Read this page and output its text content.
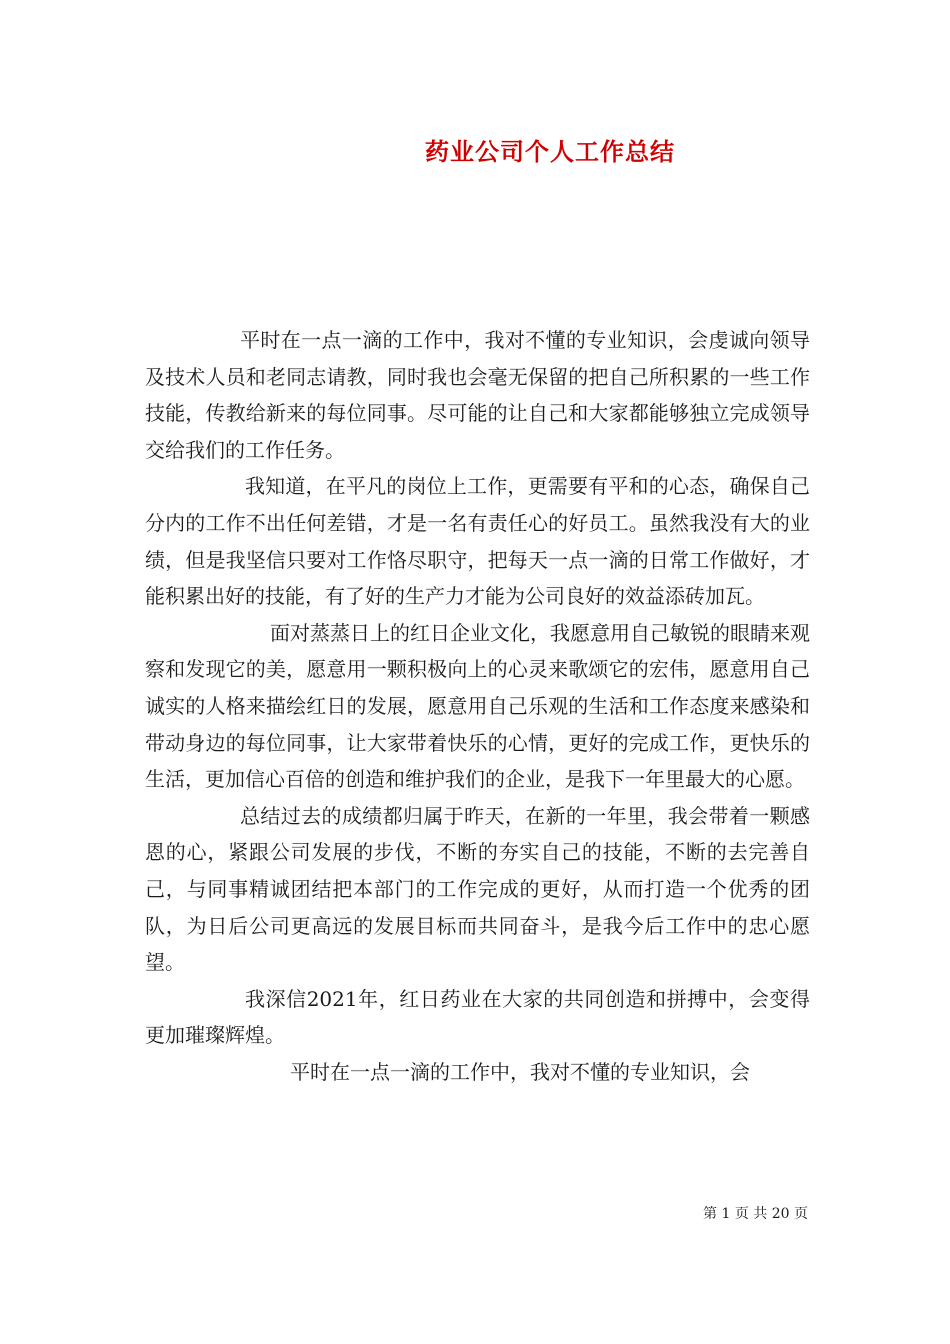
药业公司个人工作总结

平时在一点一滴的工作中，我对不懂的专业知识，会虔诚向领导及技术人员和老同志请教，同时我也会毫无保留的把自己所积累的一些工作技能，传教给新来的每位同事。尽可能的让自己和大家都能够独立完成领导交给我们的工作任务。

我知道，在平凡的岗位上工作，更需要有平和的心态，确保自己分内的工作不出任何差错，才是一名有责任心的好员工。虽然我没有大的业绩，但是我坚信只要对工作恪尽职守，把每天一点一滴的日常工作做好，才能积累出好的技能，有了好的生产力才能为公司良好的效益添砖加瓦。

面对蒸蒸日上的红日企业文化，我愿意用自己敏锐的眼睛来观察和发现它的美，愿意用一颗积极向上的心灵来歌颂它的宏伟，愿意用自己诚实的人格来描绘红日的发展，愿意用自己乐观的生活和工作态度来感染和带动身边的每位同事，让大家带着快乐的心情，更好的完成工作，更快乐的生活，更加信心百倍的创造和维护我们的企业，是我下一年里最大的心愿。

总结过去的成绩都归属于昨天，在新的一年里，我会带着一颗感恩的心，紧跟公司发展的步伐，不断的夯实自己的技能，不断的去完善自己，与同事精诚团结把本部门的工作完成的更好，从而打造一个优秀的团队，为日后公司更高远的发展目标而共同奋斗，是我今后工作中的忠心愿望。

我深信2021年，红日药业在大家的共同创造和拼搏中，会变得更加璀璨辉煌。

平时在一点一滴的工作中，我对不懂的专业知识，会

第 1 页 共 20 页
